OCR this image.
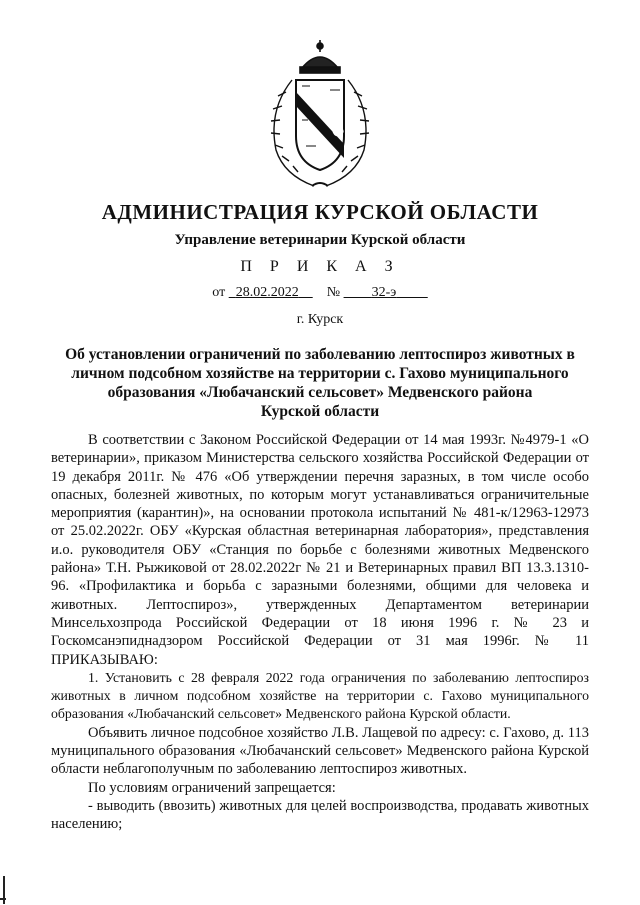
АДМИНИСТРАЦИЯ КУРСКОЙ ОБЛАСТИ
Управление ветеринарии Курской области
П Р И К А З
от 28.02.2022 № 32-э
г. Курск
Об установлении ограничений по заболеванию лептоспироз животных в
личном подсобном хозяйстве на территории с. Гахово муниципального
образования «Любачанский сельсовет» Медвенского района
Курской области

В соответствии с Законом Российской Федерации от 14 мая 1993г. №4979-1 «О ветеринарии», приказом Министерства сельского хозяйства Российской Федерации от 19 декабря 2011г. № 476 «Об утверждении перечня заразных, в том числе особо опасных, болезней животных, по которым могут устанавливаться ограничительные мероприятия (карантин)», на основании протокола испытаний № 481-к/12963-12973 от 25.02.2022г. ОБУ «Курская областная ветеринарная лаборатория», представления и.о. руководителя ОБУ «Станция по борьбе с болезнями животных Медвенского района» Т.Н. Рыжиковой от 28.02.2022г № 21 и Ветеринарных правил ВП 13.3.1310-96. «Профилактика и борьба с заразными болезнями, общими для человека и животных. Лептоспироз», утвержденных Департаментом ветеринарии Минсельхозпрода Российской Федерации от 18 июня 1996 г. № 23 и Госкомсанэпиднадзором Российской Федерации от 31 мая 1996г. № 11 ПРИКАЗЫВАЮ:

1. Установить с 28 февраля 2022 года ограничения по заболеванию лептоспироз животных в личном подсобном хозяйстве на территории с. Гахово муниципального образования «Любачанский сельсовет» Медвенского района Курской области.

Объявить личное подсобное хозяйство Л.В. Лащевой по адресу: с. Гахово, д. 113 муниципального образования «Любачанский сельсовет» Медвенского района Курской области неблагополучным по заболеванию лептоспироз животных.

По условиям ограничений запрещается:

- выводить (ввозить) животных для целей воспроизводства, продавать животных населению;
